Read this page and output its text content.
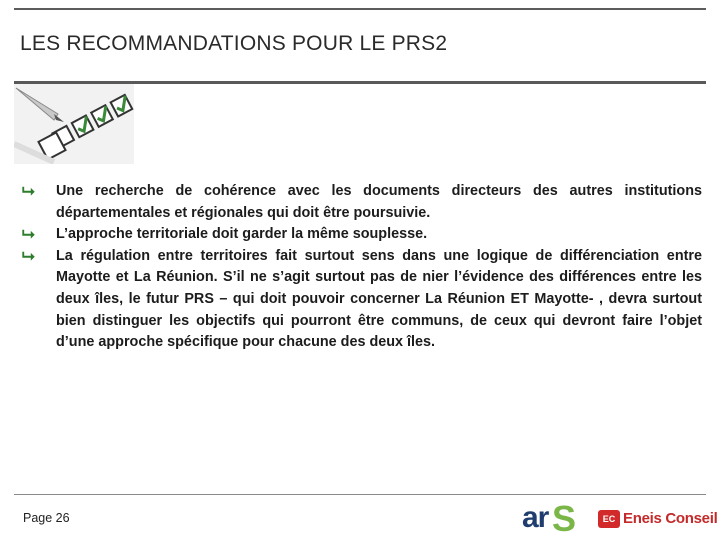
LES RECOMMANDATIONS POUR LE PRS2
⮡ Une recherche de cohérence avec les documents directeurs des autres institutions départementales et régionales qui doit être poursuivie.
⮡ L’approche territoriale doit garder la même souplesse.
⮡ La régulation entre territoires fait surtout sens dans une logique de différenciation entre Mayotte et La Réunion. S’il ne s’agit surtout pas de nier l’évidence des différences entre les deux îles, le futur PRS – qui doit pouvoir concerner La Réunion ET Mayotte- , devra surtout bien distinguer les objectifs qui pourront être communs, de ceux qui devront faire l’objet d’une approche spécifique pour chacune des deux îles.
Page 26	ar S	EC Eneis Conseil
